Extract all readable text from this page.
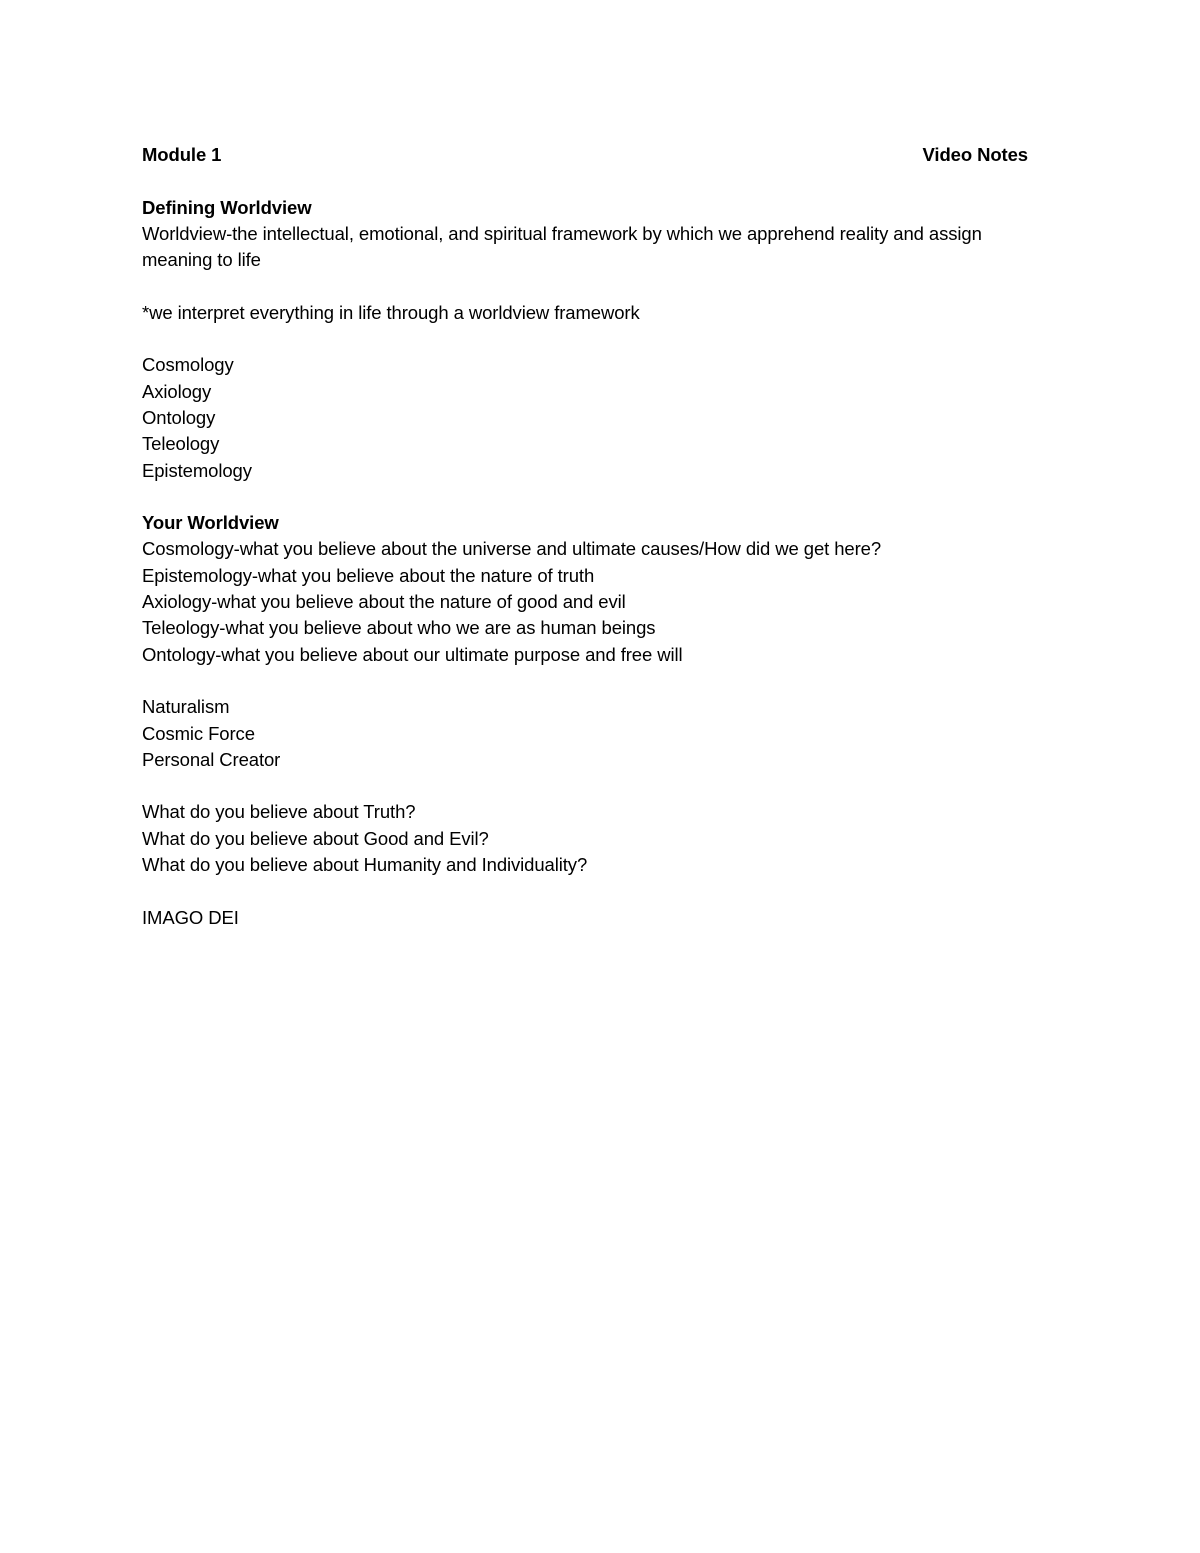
Module 1	Video Notes
Defining Worldview
Worldview-the intellectual, emotional, and spiritual framework by which we apprehend reality and assign meaning to life
*we interpret everything in life through a worldview framework
Cosmology
Axiology
Ontology
Teleology
Epistemology
Your Worldview
Cosmology-what you believe about the universe and ultimate causes/How did we get here?
Epistemology-what you believe about the nature of truth
Axiology-what you believe about the nature of good and evil
Teleology-what you believe about who we are as human beings
Ontology-what you believe about our ultimate purpose and free will
Naturalism
Cosmic Force
Personal Creator
What do you believe about Truth?
What do you believe about Good and Evil?
What do you believe about Humanity and Individuality?
IMAGO DEI
